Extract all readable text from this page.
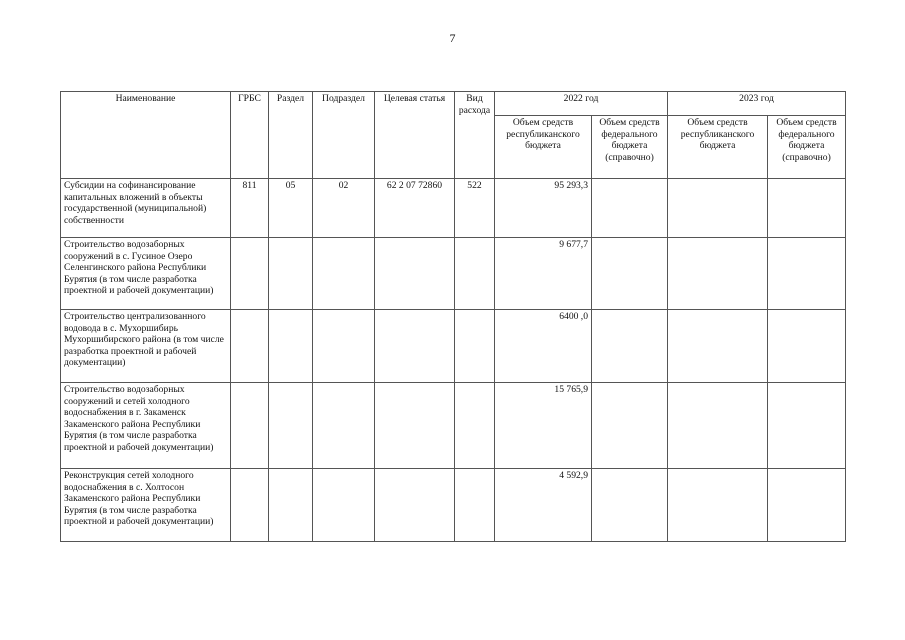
7
Наименование	ГРБС	Раздел	Подраздел	Целевая статья	Вид расхода	2022 год		2023 год	
						Объем средств республиканского бюджета	Объем средств федерального бюджета (справочно)	Объем средств республиканского бюджета	Объем средств федерального бюджета (справочно)
Субсидии на софинансирование капитальных вложений в объекты государственной (муниципальной) собственности	811	05	02	62 2 07 72860	522	95 293,3			
Строительство водозаборных сооружений в с. Гусиное Озеро Селенгинского района Республики Бурятия (в том числе разработка проектной и рабочей документации)						9 677,7			
Строительство централизованного водовода в с. Мухоршибирь Мухоршибирского района (в том числе разработка проектной и рабочей документации)						6400 ,0			
Строительство водозаборных сооружений и сетей холодного водоснабжения в г. Закаменск Закаменского района Республики Бурятия (в том числе разработка проектной и рабочей документации)						15 765,9			
Реконструкция сетей холодного водоснабжения в с. Холтосон Закаменского района Республики Бурятия (в том числе разработка проектной и рабочей документации)						4 592,9			
